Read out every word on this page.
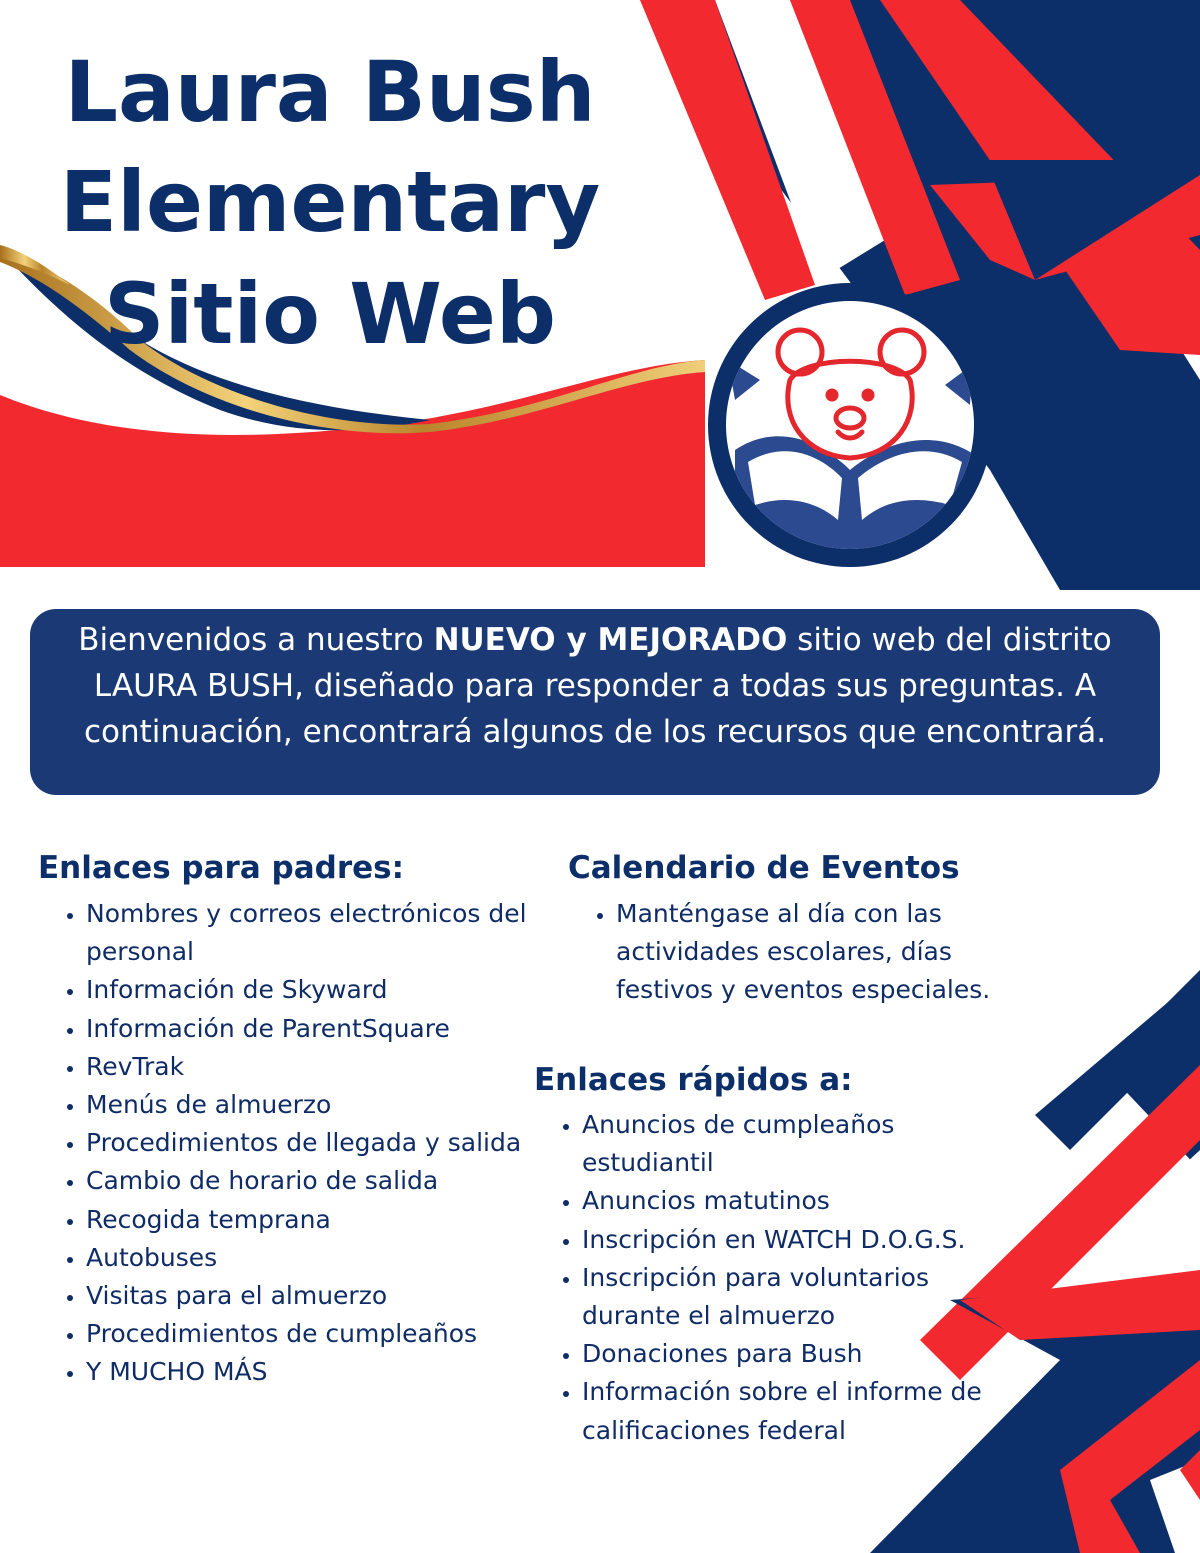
Laura Bush
Elementary
Sitio Web
Bienvenidos a nuestro NUEVO y MEJORADO sitio web del distrito LAURA BUSH, diseñado para responder a todas sus preguntas. A continuación, encontrará algunos de los recursos que encontrará.
Enlaces para padres:
• Nombres y correos electrónicos del personal
• Información de Skyward
• Información de ParentSquare
• RevTrak
• Menús de almuerzo
• Procedimientos de llegada y salida
• Cambio de horario de salida
• Recogida temprana
• Autobuses
• Visitas para el almuerzo
• Procedimientos de cumpleaños
• Y MUCHO MÁS
Calendario de Eventos
• Manténgase al día con las actividades escolares, días festivos y eventos especiales.
Enlaces rápidos a:
• Anuncios de cumpleaños estudiantil
• Anuncios matutinos
• Inscripción en WATCH D.O.G.S.
• Inscripción para voluntarios durante el almuerzo
• Donaciones para Bush
• Información sobre el informe de calificaciones federal
